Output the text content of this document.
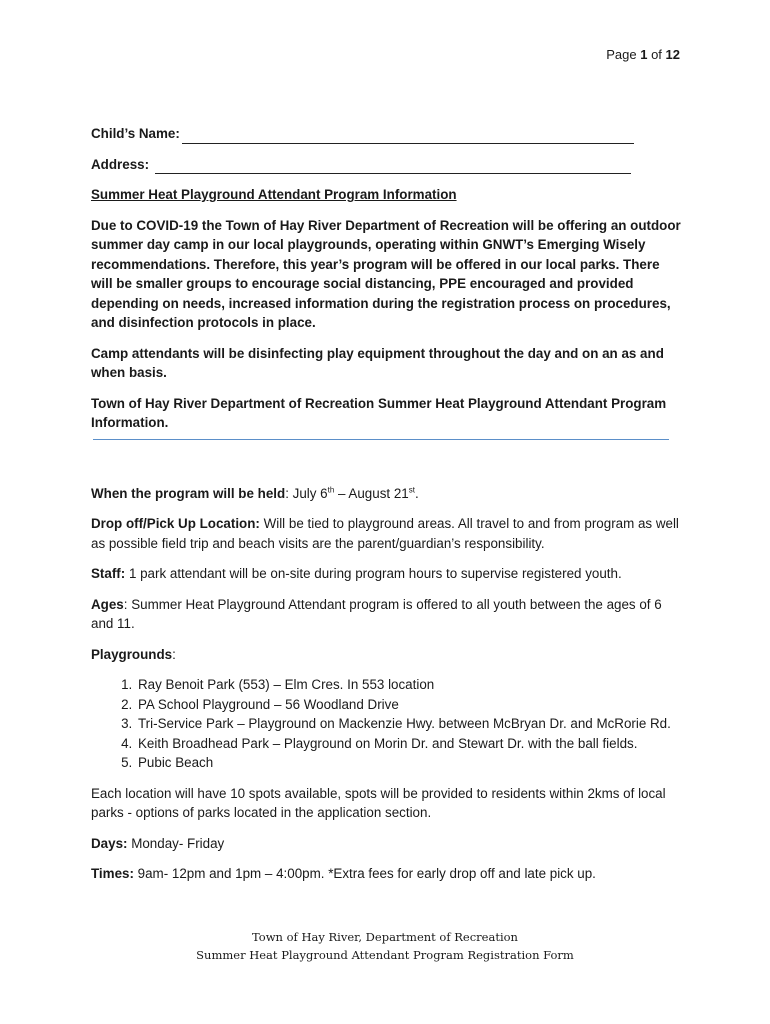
Page 1 of 12
Child’s Name:
Address:

Summer Heat Playground Attendant Program Information

Due to COVID-19 the Town of Hay River Department of Recreation will be offering an outdoor summer day camp in our local playgrounds, operating within GNWT’s Emerging Wisely recommendations. Therefore, this year’s program will be offered in our local parks. There will be smaller groups to encourage social distancing, PPE encouraged and provided depending on needs, increased information during the registration process on procedures, and disinfection protocols in place.

Camp attendants will be disinfecting play equipment throughout the day and on an as and when basis.

Town of Hay River Department of Recreation Summer Heat Playground Attendant Program Information.

When the program will be held: July 6th – August 21st.

Drop off/Pick Up Location: Will be tied to playground areas. All travel to and from program as well as possible field trip and beach visits are the parent/guardian’s responsibility.

Staff: 1 park attendant will be on-site during program hours to supervise registered youth.

Ages: Summer Heat Playground Attendant program is offered to all youth between the ages of 6 and 11.

Playgrounds:

1. Ray Benoit Park (553) – Elm Cres. In 553 location
2. PA School Playground – 56 Woodland Drive
3. Tri-Service Park – Playground on Mackenzie Hwy. between McBryan Dr. and McRorie Rd.
4. Keith Broadhead Park – Playground on Morin Dr. and Stewart Dr. with the ball fields.
5. Pubic Beach

Each location will have 10 spots available, spots will be provided to residents within 2kms of local parks - options of parks located in the application section.

Days: Monday- Friday

Times: 9am- 12pm and 1pm – 4:00pm. *Extra fees for early drop off and late pick up.

Town of Hay River, Department of Recreation
Summer Heat Playground Attendant Program Registration Form
